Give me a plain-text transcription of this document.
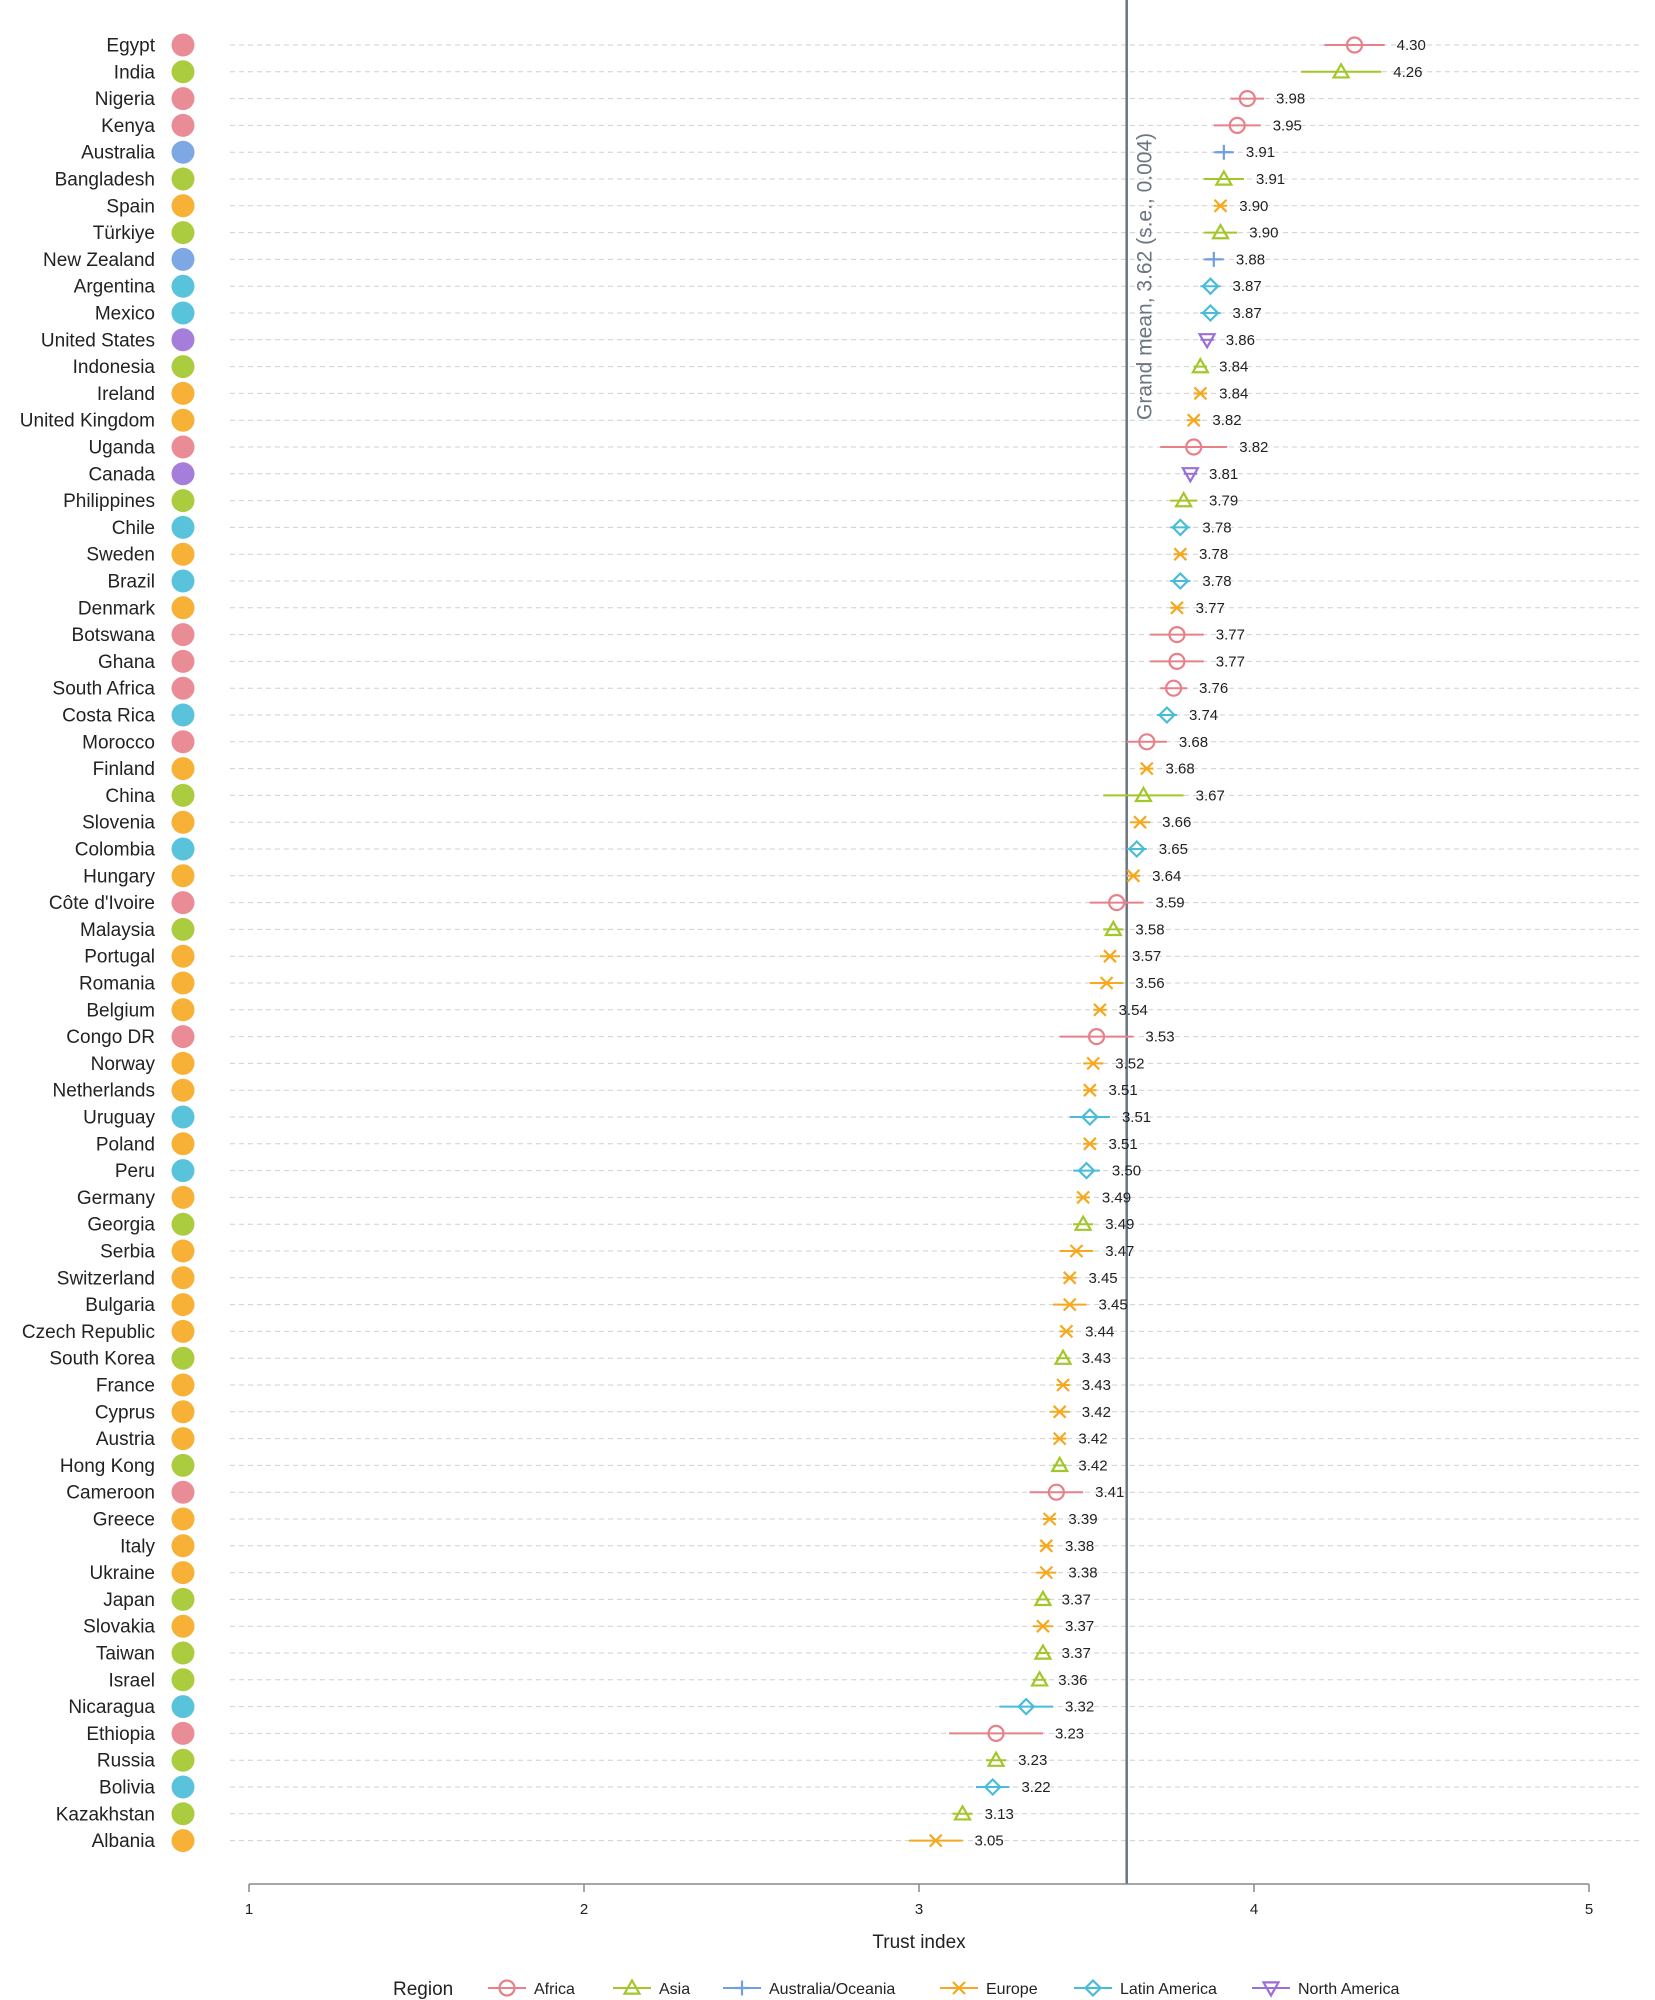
Grand mean, 3.62 (s.e., 0.004)
Egypt	4.30
India	4.26
Nigeria	3.98
Kenya	3.95
Australia	3.91
Bangladesh	3.91
Spain	3.90
Türkiye	3.90
New Zealand	3.88
Argentina	3.87
Mexico	3.87
United States	3.86
Indonesia	3.84
Ireland	3.84
United Kingdom	3.82
Uganda	3.82
Canada	3.81
Philippines	3.79
Chile	3.78
Sweden	3.78
Brazil	3.78
Denmark	3.77
Botswana	3.77
Ghana	3.77
South Africa	3.76
Costa Rica	3.74
Morocco	3.68
Finland	3.68
China	3.67
Slovenia	3.66
Colombia	3.65
Hungary	3.64
Côte d'Ivoire	3.59
Malaysia	3.58
Portugal	3.57
Romania	3.56
Belgium	3.54
Congo DR	3.53
Norway	3.52
Netherlands	3.51
Uruguay	3.51
Poland	3.51
Peru	3.50
Germany	3.49
Georgia	3.49
Serbia	3.47
Switzerland	3.45
Bulgaria	3.45
Czech Republic	3.44
South Korea	3.43
France	3.43
Cyprus	3.42
Austria	3.42
Hong Kong	3.42
Cameroon	3.41
Greece	3.39
Italy	3.38
Ukraine	3.38
Japan	3.37
Slovakia	3.37
Taiwan	3.37
Israel	3.36
Nicaragua	3.32
Ethiopia	3.23
Russia	3.23
Bolivia	3.22
Kazakhstan	3.13
Albania	3.05
Trust index
1	2	3	4	5
Region	Africa	Asia	Australia/Oceania	Europe	Latin America	North America
